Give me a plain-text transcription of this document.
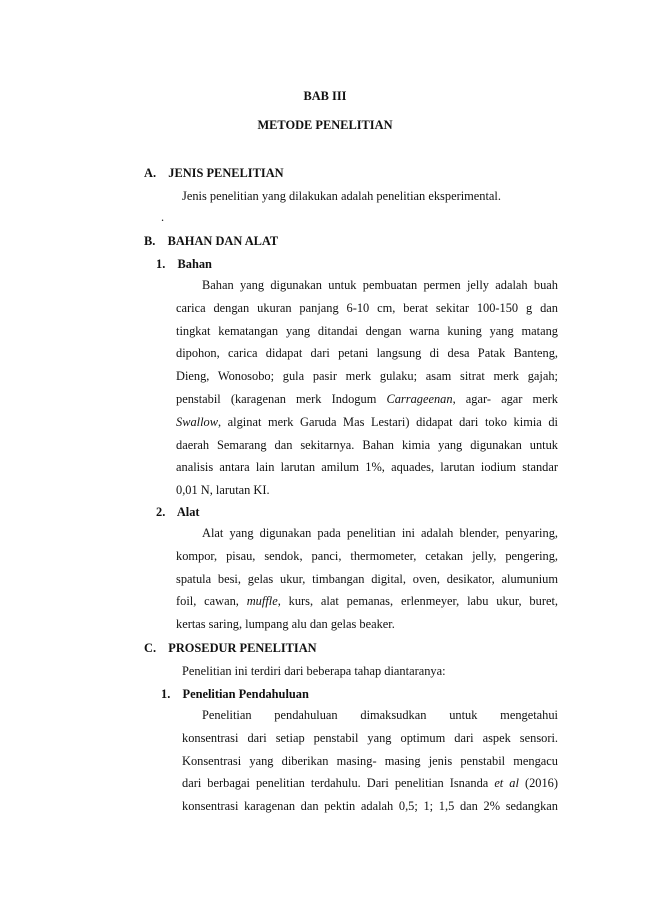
BAB III
METODE PENELITIAN
A. JENIS PENELITIAN
Jenis penelitian yang dilakukan adalah penelitian eksperimental.
.
B. BAHAN DAN ALAT
1. Bahan
Bahan yang digunakan untuk pembuatan permen jelly adalah buah
carica dengan ukuran panjang 6-10 cm, berat sekitar 100-150 g dan
tingkat kematangan yang ditandai dengan warna kuning yang matang
dipohon, carica didapat dari petani langsung di desa Patak Banteng,
Dieng, Wonosobo; gula pasir merk gulaku; asam sitrat merk gajah;
penstabil (karagenan merk Indogum Carrageenan, agar- agar merk
Swallow, alginat merk Garuda Mas Lestari) didapat dari toko kimia di
daerah Semarang dan sekitarnya. Bahan kimia yang digunakan untuk
analisis antara lain larutan amilum 1%, aquades, larutan iodium standar
0,01 N, larutan KI.
2. Alat
Alat yang digunakan pada penelitian ini adalah blender, penyaring,
kompor, pisau, sendok, panci, thermometer, cetakan jelly, pengering,
spatula besi, gelas ukur, timbangan digital, oven, desikator, alumunium
foil, cawan, muffle, kurs, alat pemanas, erlenmeyer, labu ukur, buret,
kertas saring, lumpang alu dan gelas beaker.
C. PROSEDUR PENELITIAN
Penelitian ini terdiri dari beberapa tahap diantaranya:
1. Penelitian Pendahuluan
Penelitian pendahuluan dimaksudkan untuk mengetahui
konsentrasi dari setiap penstabil yang optimum dari aspek sensori.
Konsentrasi yang diberikan masing- masing jenis penstabil mengacu
dari berbagai penelitian terdahulu. Dari penelitian Isnanda et al (2016)
konsentrasi karagenan dan pektin adalah 0,5; 1; 1,5 dan 2% sedangkan
